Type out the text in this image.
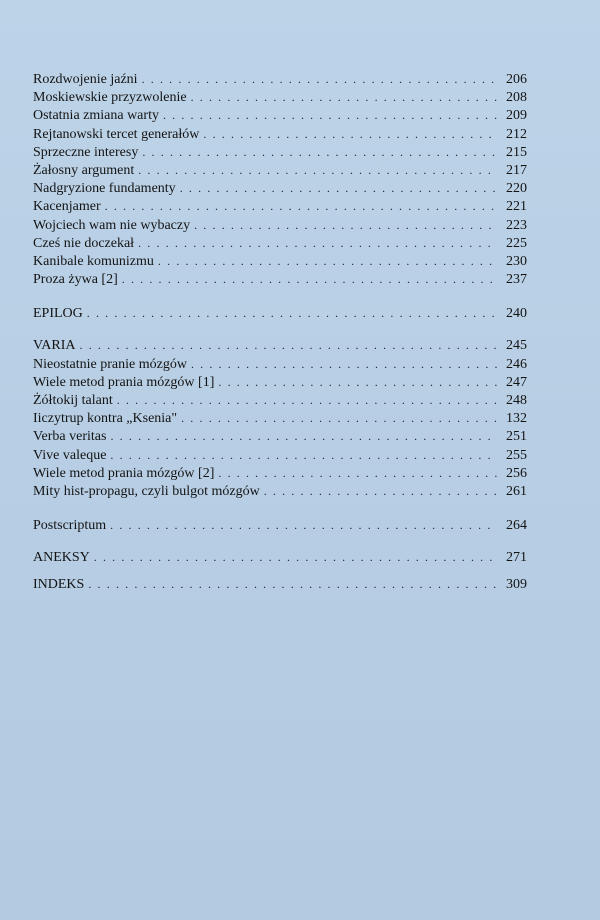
Rozdwojenie jaźni . . .	206
Moskiewskie przyzwolenie . . .	208
Ostatnia zmiana warty . . .	209
Rejtanowski tercet generałów . . .	212
Sprzeczne interesy . . .	215
Żałosny argument . . .	217
Nadgryzione fundamenty . . .	220
Kacenjamer . . .	221
Wojciech wam nie wybaczy . . .	223
Cześ nie doczekał . . .	225
Kanibale komunizmu . . .	230
Proza żywa [2] . . .	237
EPILOG . . .	240
VARIA . . .	245
Nieostatnie pranie mózgów . . .	246
Wiele metod prania mózgów [1] . . .	247
Żółtokij talant . . .	248
Iiczytrup kontra „Ksenia" . . .	132
Verba veritas . . .	251
Vive valeque . . .	255
Wiele metod prania mózgów [2] . . .	256
Mity hist-propagu, czyli bulgot mózgów . . .	261
Postscriptum . . .	264
ANEKSY . . .	271
INDEKS . . .	309
